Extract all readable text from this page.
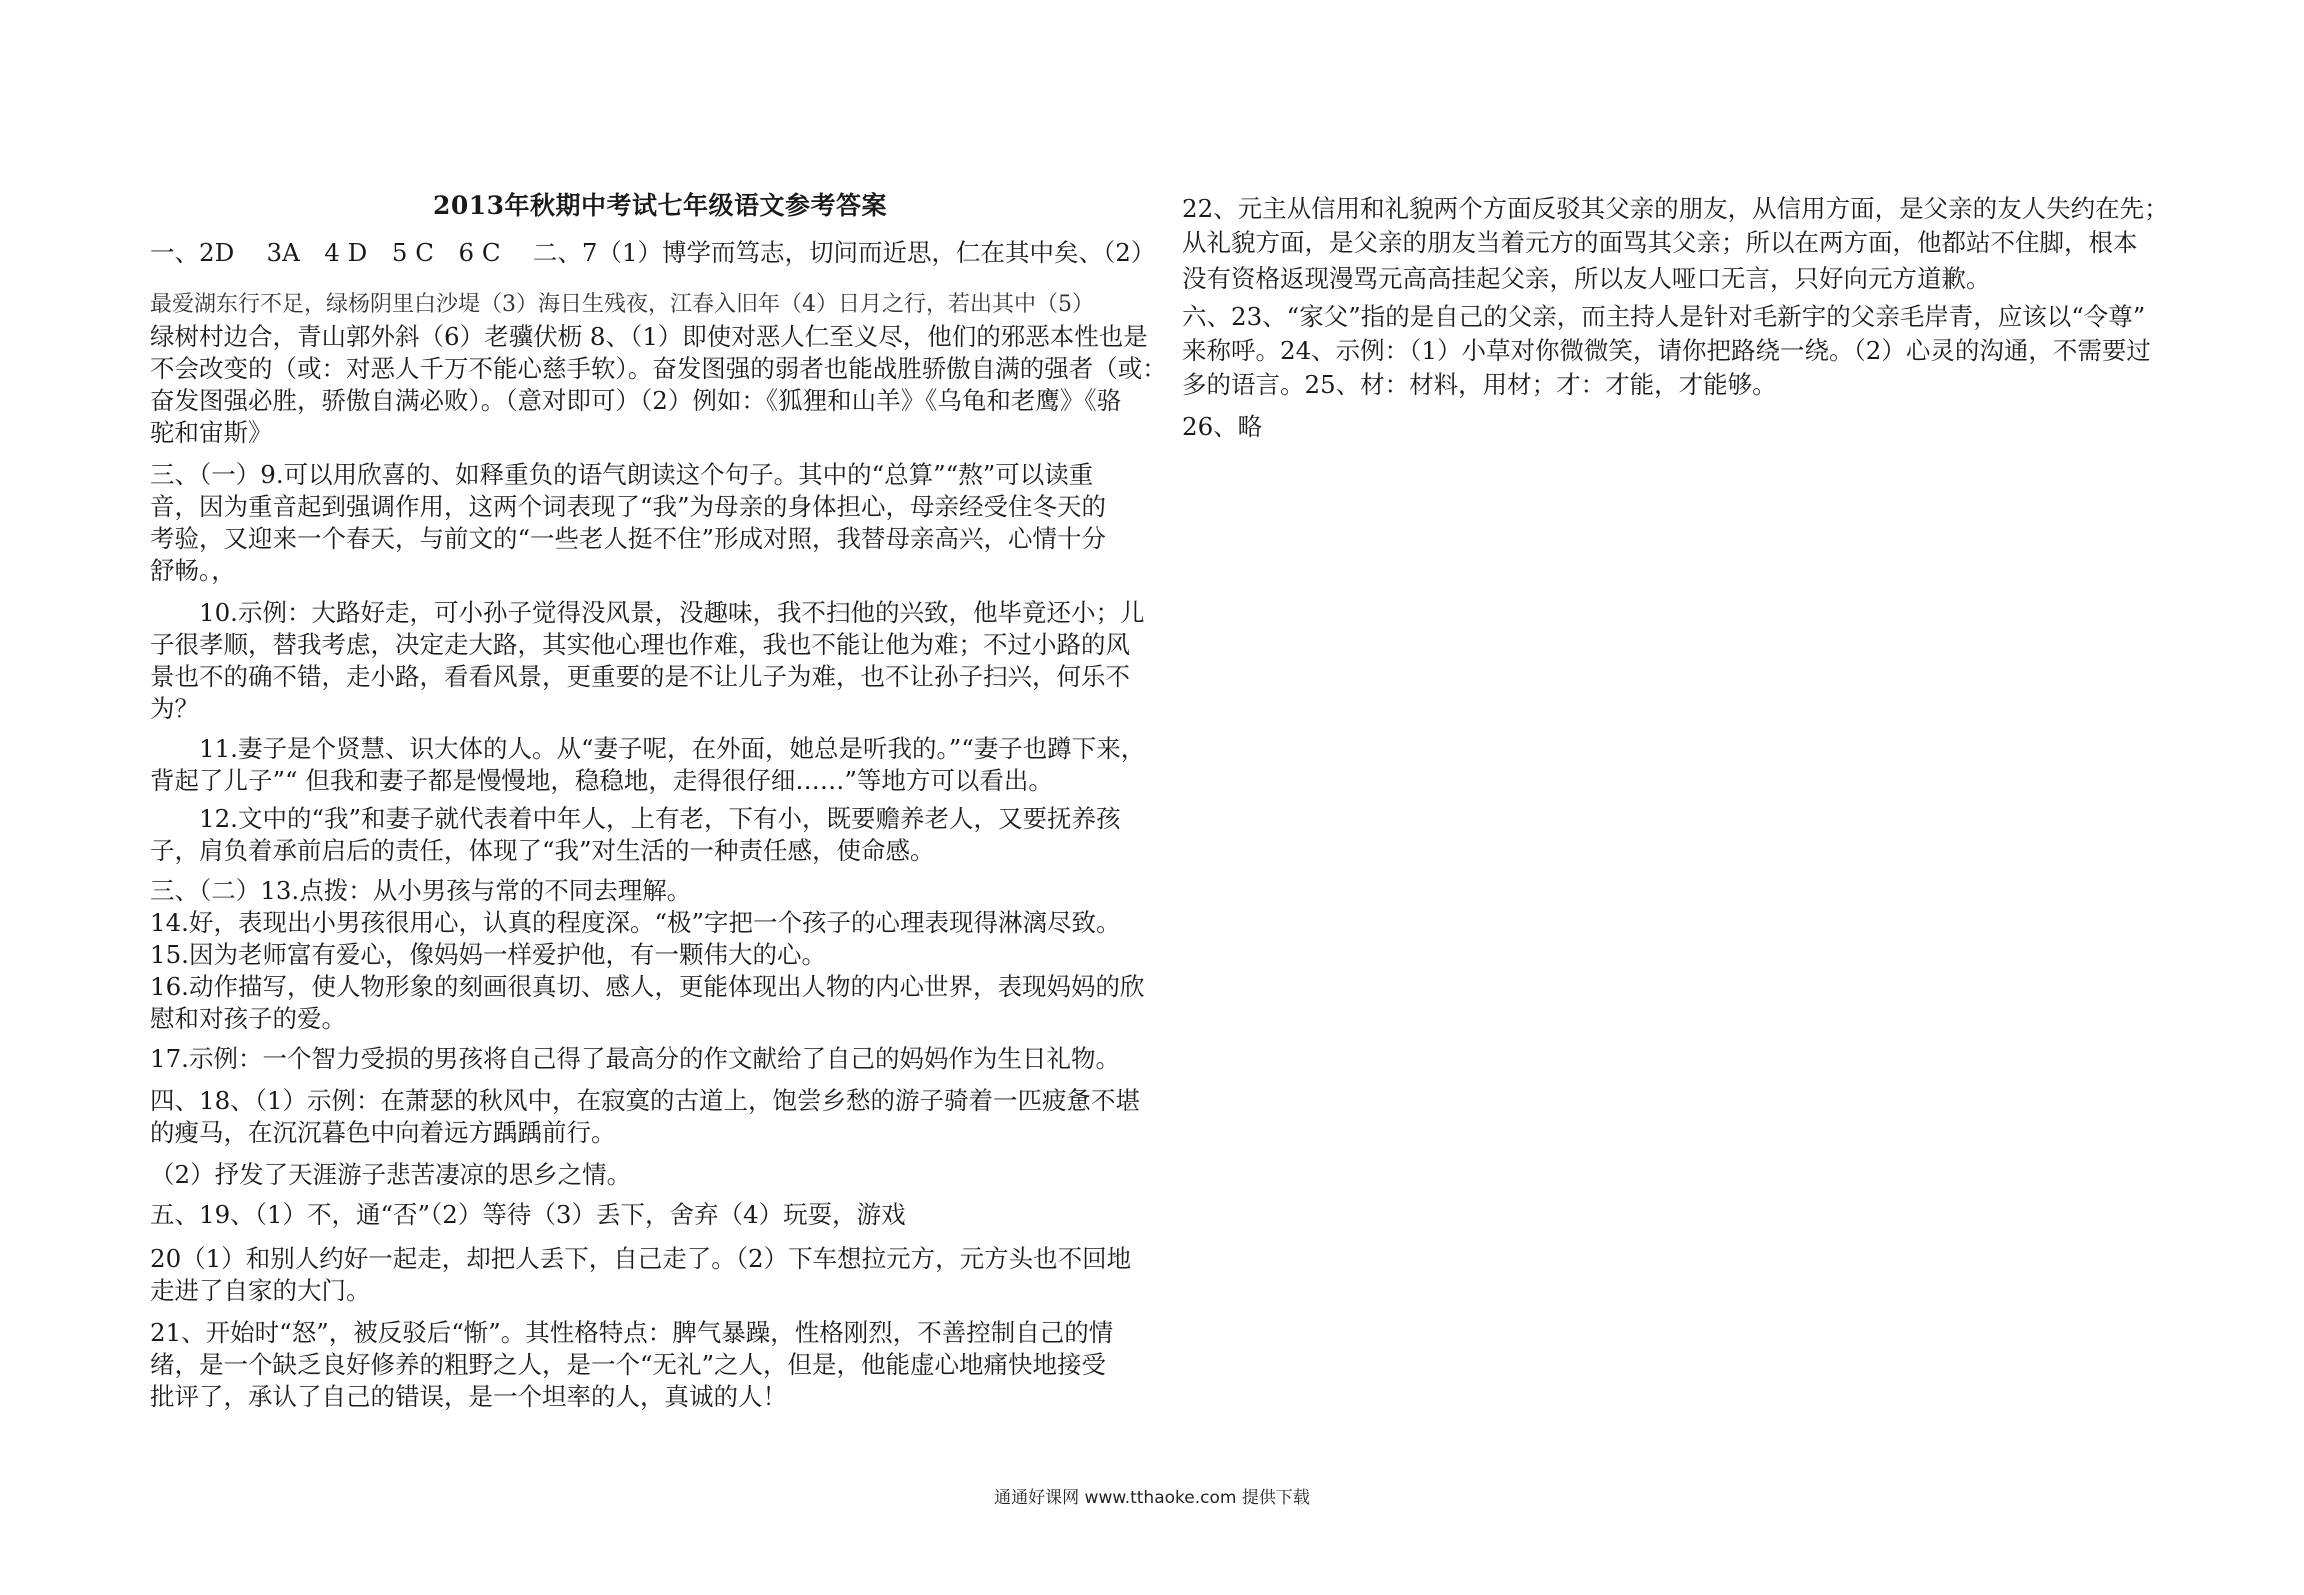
2013年秋期中考试七年级语文参考答案
一、2D　 3A　4 D　5 C　6 C　 二、7（1）博学而笃志，切问而近思，仁在其中矣、（2）
最爱湖东行不足，绿杨阴里白沙堤（3）海日生残夜，江春入旧年（4）日月之行，若出其中（5）
绿树村边合，青山郭外斜（6）老骥伏枥 8、（1）即使对恶人仁至义尽，他们的邪恶本性也是
不会改变的（或：对恶人千万不能心慈手软）。奋发图强的弱者也能战胜骄傲自满的强者（或：
奋发图强必胜，骄傲自满必败）。（意对即可）（2）例如：《狐狸和山羊》《乌龟和老鹰》《骆
驼和宙斯》
三、（一）9.可以用欣喜的、如释重负的语气朗读这个句子。其中的“总算”“熬”可以读重
音，因为重音起到强调作用，这两个词表现了“我”为母亲的身体担心，母亲经受住冬天的
考验，又迎来一个春天，与前文的“一些老人挺不住”形成对照，我替母亲高兴，心情十分
舒畅。，
　　10.示例：大路好走，可小孙子觉得没风景，没趣味，我不扫他的兴致，他毕竟还小；儿
子很孝顺，替我考虑，决定走大路，其实他心理也作难，我也不能让他为难；不过小路的风
景也不的确不错，走小路，看看风景，更重要的是不让儿子为难，也不让孙子扫兴，何乐不
为？
　　11.妻子是个贤慧、识大体的人。从“妻子呢，在外面，她总是听我的。”“妻子也蹲下来，
背起了儿子”“ 但我和妻子都是慢慢地，稳稳地，走得很仔细……”等地方可以看出。
　　12.文中的“我”和妻子就代表着中年人，上有老，下有小，既要赡养老人，又要抚养孩
子，肩负着承前启后的责任，体现了“我”对生活的一种责任感，使命感。
三、（二）13.点拨：从小男孩与常的不同去理解。
14.好，表现出小男孩很用心，认真的程度深。“极”字把一个孩子的心理表现得淋漓尽致。
15.因为老师富有爱心，像妈妈一样爱护他，有一颗伟大的心。
16.动作描写，使人物形象的刻画很真切、感人，更能体现出人物的内心世界，表现妈妈的欣
慰和对孩子的爱。
17.示例：一个智力受损的男孩将自己得了最高分的作文献给了自己的妈妈作为生日礼物。
四、18、（1）示例：在萧瑟的秋风中，在寂寞的古道上，饱尝乡愁的游子骑着一匹疲惫不堪
的瘦马，在沉沉暮色中向着远方踽踽前行。
（2）抒发了天涯游子悲苦凄凉的思乡之情。
五、19、（1）不，通“否”（2）等待（3）丢下，舍弃（4）玩耍，游戏
20（1）和别人约好一起走，却把人丢下，自己走了。（2）下车想拉元方，元方头也不回地
走进了自家的大门。
21、开始时“怒”，被反驳后“惭”。其性格特点：脾气暴躁，性格刚烈，不善控制自己的情
绪，是一个缺乏良好修养的粗野之人，是一个“无礼”之人，但是，他能虚心地痛快地接受
批评了，承认了自己的错误，是一个坦率的人，真诚的人！
22、元主从信用和礼貌两个方面反驳其父亲的朋友，从信用方面，是父亲的友人失约在先；
从礼貌方面，是父亲的朋友当着元方的面骂其父亲；所以在两方面，他都站不住脚，根本
没有资格返现漫骂元高高挂起父亲，所以友人哑口无言，只好向元方道歉。
六、23、“家父”指的是自己的父亲，而主持人是针对毛新宇的父亲毛岸青，应该以“令尊”
来称呼。24、示例：（1）小草对你微微笑，请你把路绕一绕。（2）心灵的沟通，不需要过
多的语言。25、材：材料，用材；才：才能，才能够。
26、略
通通好课网 www.tthaoke.com 提供下载
